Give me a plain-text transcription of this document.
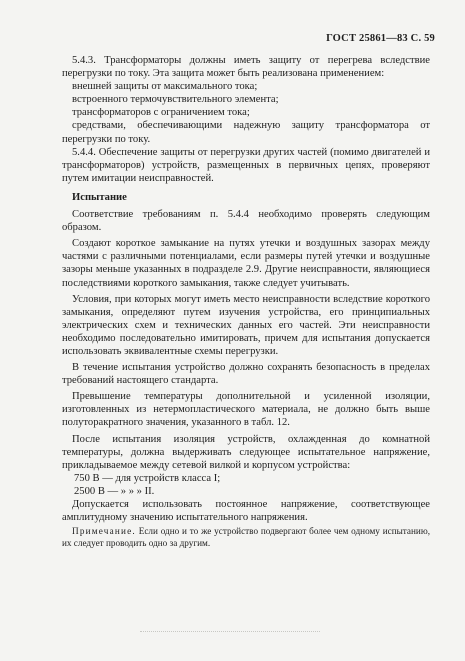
ГОСТ 25861—83 С. 59

5.4.3. Трансформаторы должны иметь защиту от перегрева вследствие перегрузки по току. Эта защита может быть реализована применением:

внешней защиты от максимального тока;

встроенного термочувствительного элемента;

трансформаторов с ограничением тока;

средствами, обеспечивающими надежную защиту трансформатора от перегрузки по току.

5.4.4. Обеспечение защиты от перегрузки других частей (помимо двигателей и трансформаторов) устройств, размещенных в первичных цепях, проверяют путем имитации неисправностей.

Испытание

Соответствие требованиям п. 5.4.4 необходимо проверять следующим образом.

Создают короткое замыкание на путях утечки и воздушных зазорах между частями с различными потенциалами, если размеры путей утечки и воздушные зазоры меньше указанных в подразделе 2.9. Другие неисправности, являющиеся последствиями короткого замыкания, также следует учитывать.

Условия, при которых могут иметь место неисправности вследствие короткого замыкания, определяют путем изучения устройства, его принципиальных электрических схем и технических данных его частей. Эти неисправности необходимо последовательно имитировать, причем для испытания допускается использовать эквивалентные схемы перегрузки.

В течение испытания устройство должно сохранять безопасность в пределах требований настоящего стандарта.

Превышение температуры дополнительной и усиленной изоляции, изготовленных из нетермопластического материала, не должно быть выше полуторакратного значения, указанного в табл. 12.

После испытания изоляция устройств, охлажденная до комнатной температуры, должна выдерживать следующее испытательное напряжение, прикладываемое между сетевой вилкой и корпусом устройства:

750 В — для устройств класса I;

2500 В — » » » II.

Допускается использовать постоянное напряжение, соответствующее амплитудному значению испытательного напряжения.

Примечание. Если одно и то же устройство подвергают более чем одному испытанию, их следует проводить одно за другим.
